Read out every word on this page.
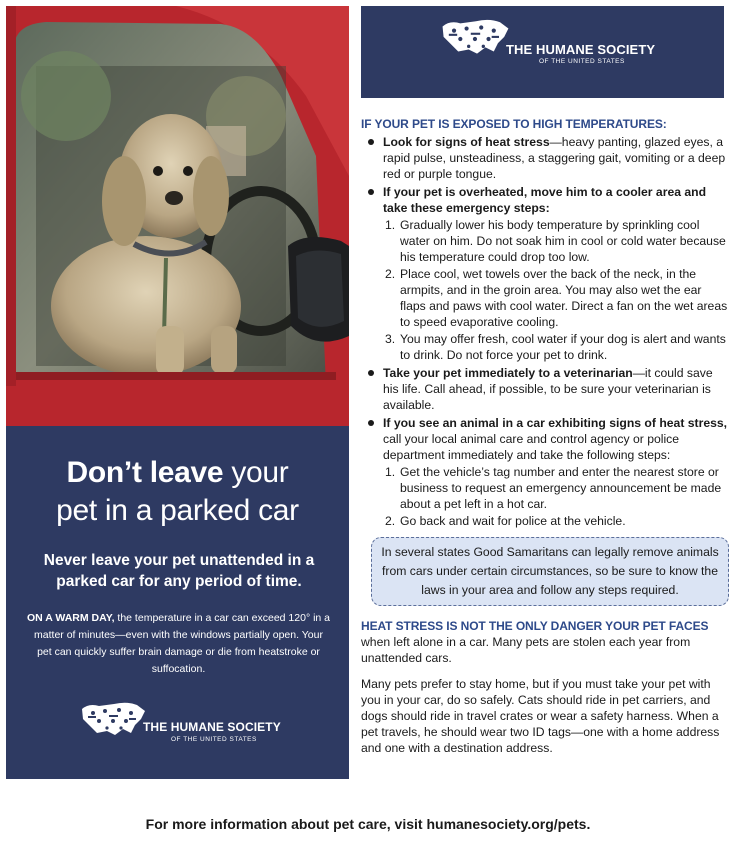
Don’t leave your
pet in a parked car
Never leave your pet unattended in a parked car for any period of time.
ON A WARM DAY, the temperature in a car can exceed 120° in a matter of minutes—even with the windows partially open. Your pet can quickly suffer brain damage or die from heatstroke or suffocation.
THE HUMANE SOCIETY
OF THE UNITED STATES
THE HUMANE SOCIETY
OF THE UNITED STATES
IF YOUR PET IS EXPOSED TO HIGH TEMPERATURES:
Look for signs of heat stress—heavy panting, glazed eyes, a rapid pulse, unsteadiness, a staggering gait, vomiting or a deep red or purple tongue.
If your pet is overheated, move him to a cooler area and take these emergency steps:
1. Gradually lower his body temperature by sprinkling cool water on him. Do not soak him in cool or cold water because his temperature could drop too low.
2. Place cool, wet towels over the back of the neck, in the armpits, and in the groin area. You may also wet the ear flaps and paws with cool water. Direct a fan on the wet areas to speed evaporative cooling.
3. You may offer fresh, cool water if your dog is alert and wants to drink. Do not force your pet to drink.
Take your pet immediately to a veterinarian—it could save his life. Call ahead, if possible, to be sure your veterinarian is available.
If you see an animal in a car exhibiting signs of heat stress, call your local animal care and control agency or police department immediately and take the following steps:
1. Get the vehicle’s tag number and enter the nearest store or business to request an emergency announcement be made about a pet left in a hot car.
2. Go back and wait for police at the vehicle.
In several states Good Samaritans can legally remove animals from cars under certain circumstances, so be sure to know the laws in your area and follow any steps required.
HEAT STRESS IS NOT THE ONLY DANGER YOUR PET FACES when left alone in a car. Many pets are stolen each year from unattended cars.
Many pets prefer to stay home, but if you must take your pet with you in your car, do so safely. Cats should ride in pet carriers, and dogs should ride in travel crates or wear a safety harness. When a pet travels, he should wear two ID tags—one with a home address and one with a destination address.
For more information about pet care, visit humanesociety.org/pets.
